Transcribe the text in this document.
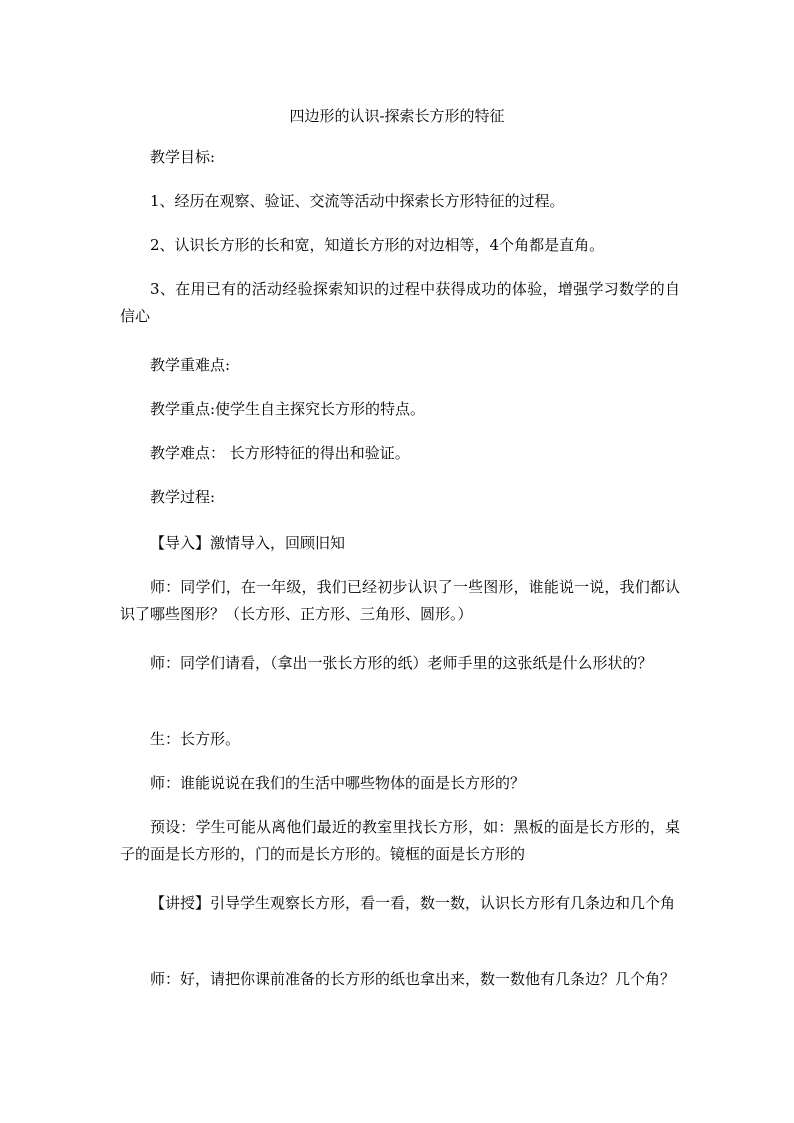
四边形的认识-探索长方形的特征

教学目标:

1、经历在观察、验证、交流等活动中探索长方形特征的过程。

2、认识长方形的长和宽，知道长方形的对边相等，4个角都是直角。

3、在用已有的活动经验探索知识的过程中获得成功的体验，增强学习数学的自信心

教学重难点:

教学重点:使学生自主探究长方形的特点。

教学难点： 长方形特征的得出和验证。

教学过程:

【导入】激情导入，回顾旧知

师：同学们，在一年级，我们已经初步认识了一些图形，谁能说一说，我们都认识了哪些图形？（长方形、正方形、三角形、圆形。）

师：同学们请看，（拿出一张长方形的纸）老师手里的这张纸是什么形状的？

生：长方形。

师：谁能说说在我们的生活中哪些物体的面是长方形的？

预设：学生可能从离他们最近的教室里找长方形，如：黑板的面是长方形的，桌子的面是长方形的，门的而是长方形的。镜框的面是长方形的

【讲授】引导学生观察长方形，看一看，数一数，认识长方形有几条边和几个角

师：好，请把你课前准备的长方形的纸也拿出来，数一数他有几条边？几个角？
